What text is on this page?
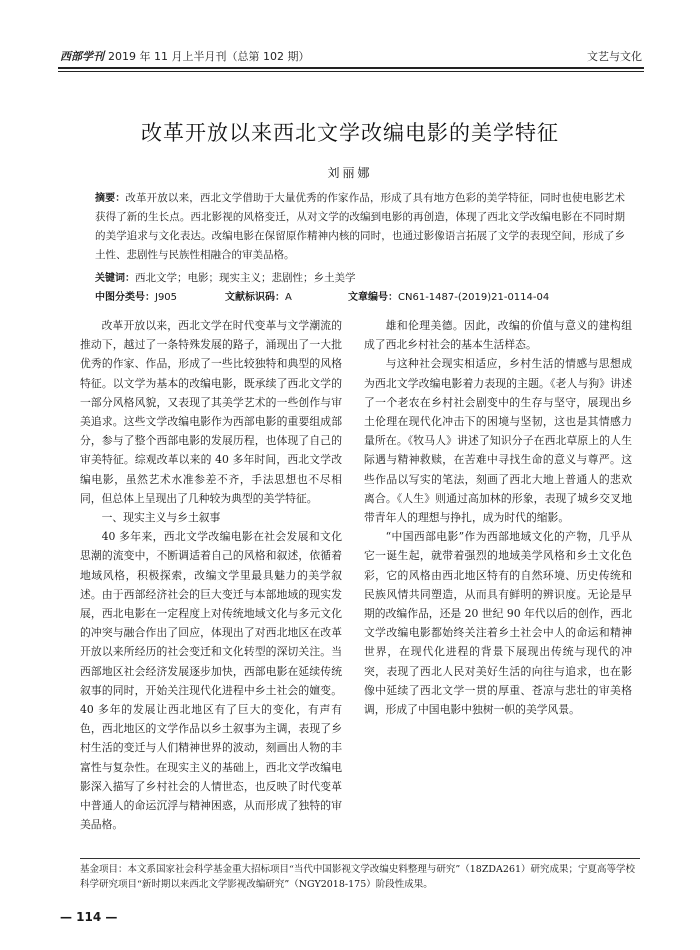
西部学刊 2019 年 11 月上半月刊（总第 102 期）	文艺与文化
改革开放以来西北文学改编电影的美学特征
刘丽娜
摘要：改革开放以来，西北文学借助于大量优秀的作家作品，形成了具有地方色彩的美学特征，同时也使电影艺术获得了新的生长点。西北影视的风格变迁，从对文学的改编到电影的再创造，体现了西北文学改编电影在不同时期的美学追求与文化表达。改编电影在保留原作精神内核的同时，也通过影像语言拓展了文学的表现空间，形成了乡土性、悲剧性与民族性相融合的审美品格。
关键词：西北文学；电影；现实主义；悲剧性；乡土美学
中图分类号：J905	文献标识码：A	文章编号：CN61-1487-(2019)21-0114-04

改革开放以来，西北文学在时代变革与文学潮流的推动下，越过了一条特殊发展的路子，涌现出了一大批优秀的作家、作品，形成了一些比较独特和典型的风格特征。以文学为基本的改编电影，既承续了西北文学的一部分风格风貌，又表现了其美学艺术的一些创作与审美追求。这些文学改编电影作为西部电影的重要组成部分，参与了整个西部电影的发展历程，也体现了自己的审美特征。综观改革以来的 40 多年时间，西北文学改编电影，虽然艺术水准参差不齐，手法思想也不尽相同，但总体上呈现出了几种较为典型的美学特征。

一、现实主义与乡土叙事

40 多年来，西北文学改编电影在社会发展和文化思潮的流变中，不断调适着自己的风格和叙述，依循着地域风格，积极探索，改编文学里最具魅力的美学叙述。由于西部经济社会的巨大变迁与本部地域的现实发展，西北电影在一定程度上对传统地域文化与多元文化的冲突与融合作出了回应，体现出了对西北地区在改革开放以来所经历的社会变迁和文化转型的深切关注。当西部地区社会经济发展逐步加快，西部电影在延续传统叙事的同时，开始关注现代化进程中乡土社会的嬗变。40 多年的发展让西北地区有了巨大的变化，有声有色，西北地区的文学作品以乡土叙事为主调，表现了乡村生活的变迁与人们精神世界的波动，刻画出人物的丰富性与复杂性。在现实主义的基础上，西北文学改编电影深入描写了乡村社会的人情世态，也反映了时代变革中普通人的命运沉浮与精神困惑，从而形成了独特的审美品格。

雄和伦理美德。因此，改编的价值与意义的建构组成了西北乡村社会的基本生活样态。

与这种社会现实相适应，乡村生活的情感与思想成为西北文学改编电影着力表现的主题。《老人与狗》讲述了一个老农在乡村社会剧变中的生存与坚守，展现出乡土伦理在现代化冲击下的困境与坚韧，这也是其情感力量所在。《牧马人》讲述了知识分子在西北草原上的人生际遇与精神救赎，在苦难中寻找生命的意义与尊严。这些作品以写实的笔法，刻画了西北大地上普通人的悲欢离合。《人生》则通过高加林的形象，表现了城乡交叉地带青年人的理想与挣扎，成为时代的缩影。

“中国西部电影”作为西部地域文化的产物，几乎从它一诞生起，就带着强烈的地域美学风格和乡土文化色彩，它的风格由西北地区特有的自然环境、历史传统和民族风情共同塑造，从而具有鲜明的辨识度。无论是早期的改编作品，还是 20 世纪 90 年代以后的创作，西北文学改编电影都始终关注着乡土社会中人的命运和精神世界，在现代化进程的背景下展现出传统与现代的冲突，表现了西北人民对美好生活的向往与追求，也在影像中延续了西北文学一贯的厚重、苍凉与悲壮的审美格调，形成了中国电影中独树一帜的美学风景。

基金项目：本文系国家社会科学基金重大招标项目“当代中国影视文学改编史料整理与研究”（18ZDA261）研究成果；宁夏高等学校科学研究项目“新时期以来西北文学影视改编研究”（NGY2018-175）阶段性成果。
— 114 —
